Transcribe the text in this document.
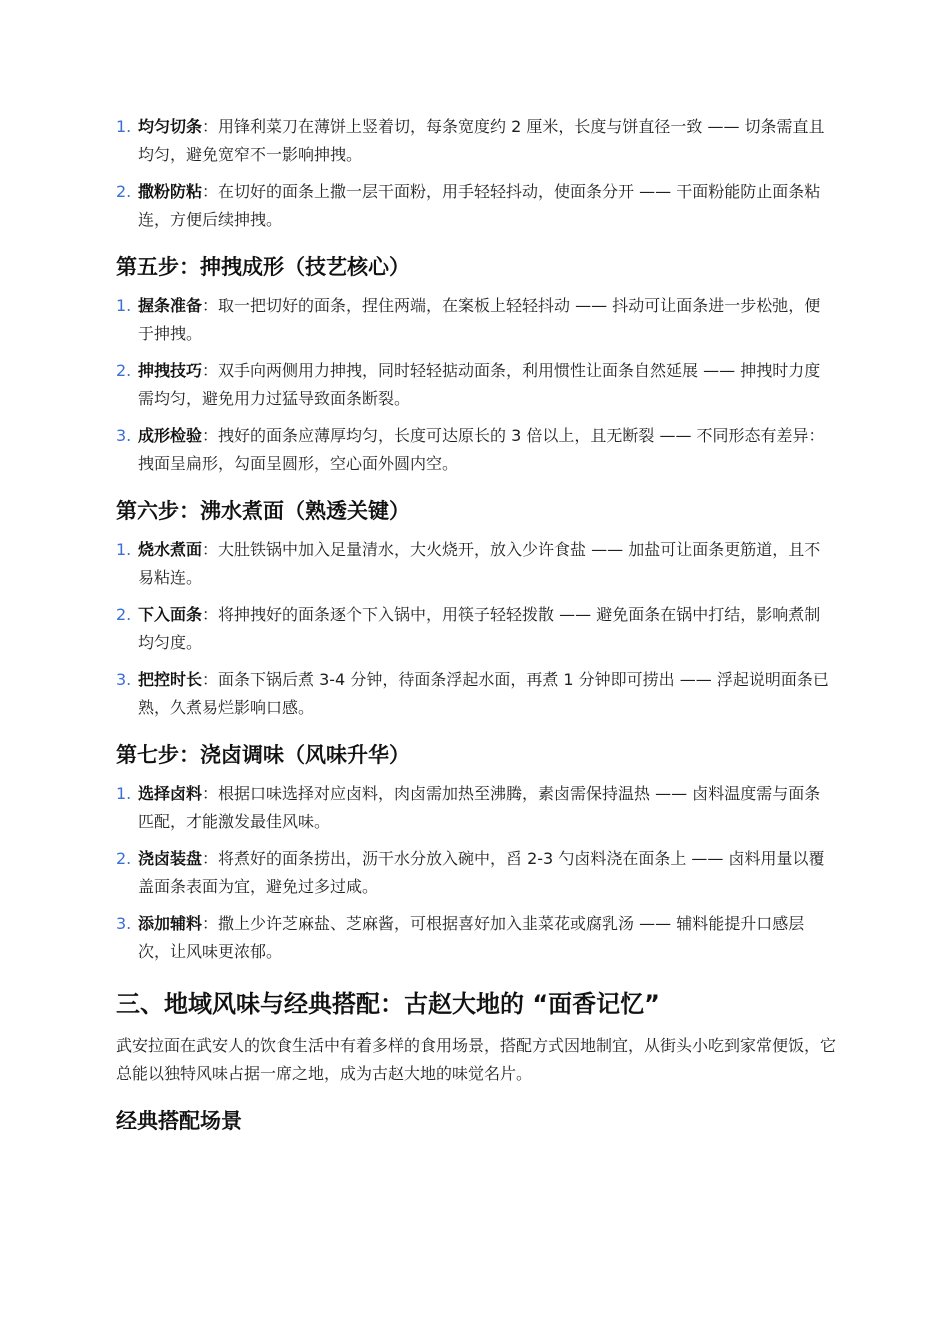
1. 均匀切条：用锋利菜刀在薄饼上竖着切，每条宽度约 2 厘米，长度与饼直径一致 —— 切条需直且均匀，避免宽窄不一影响抻拽。
2. 撒粉防粘：在切好的面条上撒一层干面粉，用手轻轻抖动，使面条分开 —— 干面粉能防止面条粘连，方便后续抻拽。
第五步：抻拽成形（技艺核心）
1. 握条准备：取一把切好的面条，捏住两端，在案板上轻轻抖动 —— 抖动可让面条进一步松弛，便于抻拽。
2. 抻拽技巧：双手向两侧用力抻拽，同时轻轻掂动面条，利用惯性让面条自然延展 —— 抻拽时力度需均匀，避免用力过猛导致面条断裂。
3. 成形检验：拽好的面条应薄厚均匀，长度可达原长的 3 倍以上，且无断裂 —— 不同形态有差异：拽面呈扁形，勾面呈圆形，空心面外圆内空。
第六步：沸水煮面（熟透关键）
1. 烧水煮面：大肚铁锅中加入足量清水，大火烧开，放入少许食盐 —— 加盐可让面条更筋道，且不易粘连。
2. 下入面条：将抻拽好的面条逐个下入锅中，用筷子轻轻拨散 —— 避免面条在锅中打结，影响煮制均匀度。
3. 把控时长：面条下锅后煮 3-4 分钟，待面条浮起水面，再煮 1 分钟即可捞出 —— 浮起说明面条已熟，久煮易烂影响口感。
第七步：浇卤调味（风味升华）
1. 选择卤料：根据口味选择对应卤料，肉卤需加热至沸腾，素卤需保持温热 —— 卤料温度需与面条匹配，才能激发最佳风味。
2. 浇卤装盘：将煮好的面条捞出，沥干水分放入碗中，舀 2-3 勺卤料浇在面条上 —— 卤料用量以覆盖面条表面为宜，避免过多过咸。
3. 添加辅料：撒上少许芝麻盐、芝麻酱，可根据喜好加入韭菜花或腐乳汤 —— 辅料能提升口感层次，让风味更浓郁。
三、地域风味与经典搭配：古赵大地的 “面香记忆”

武安拉面在武安人的饮食生活中有着多样的食用场景，搭配方式因地制宜，从街头小吃到家常便饭，它总能以独特风味占据一席之地，成为古赵大地的味觉名片。

经典搭配场景
